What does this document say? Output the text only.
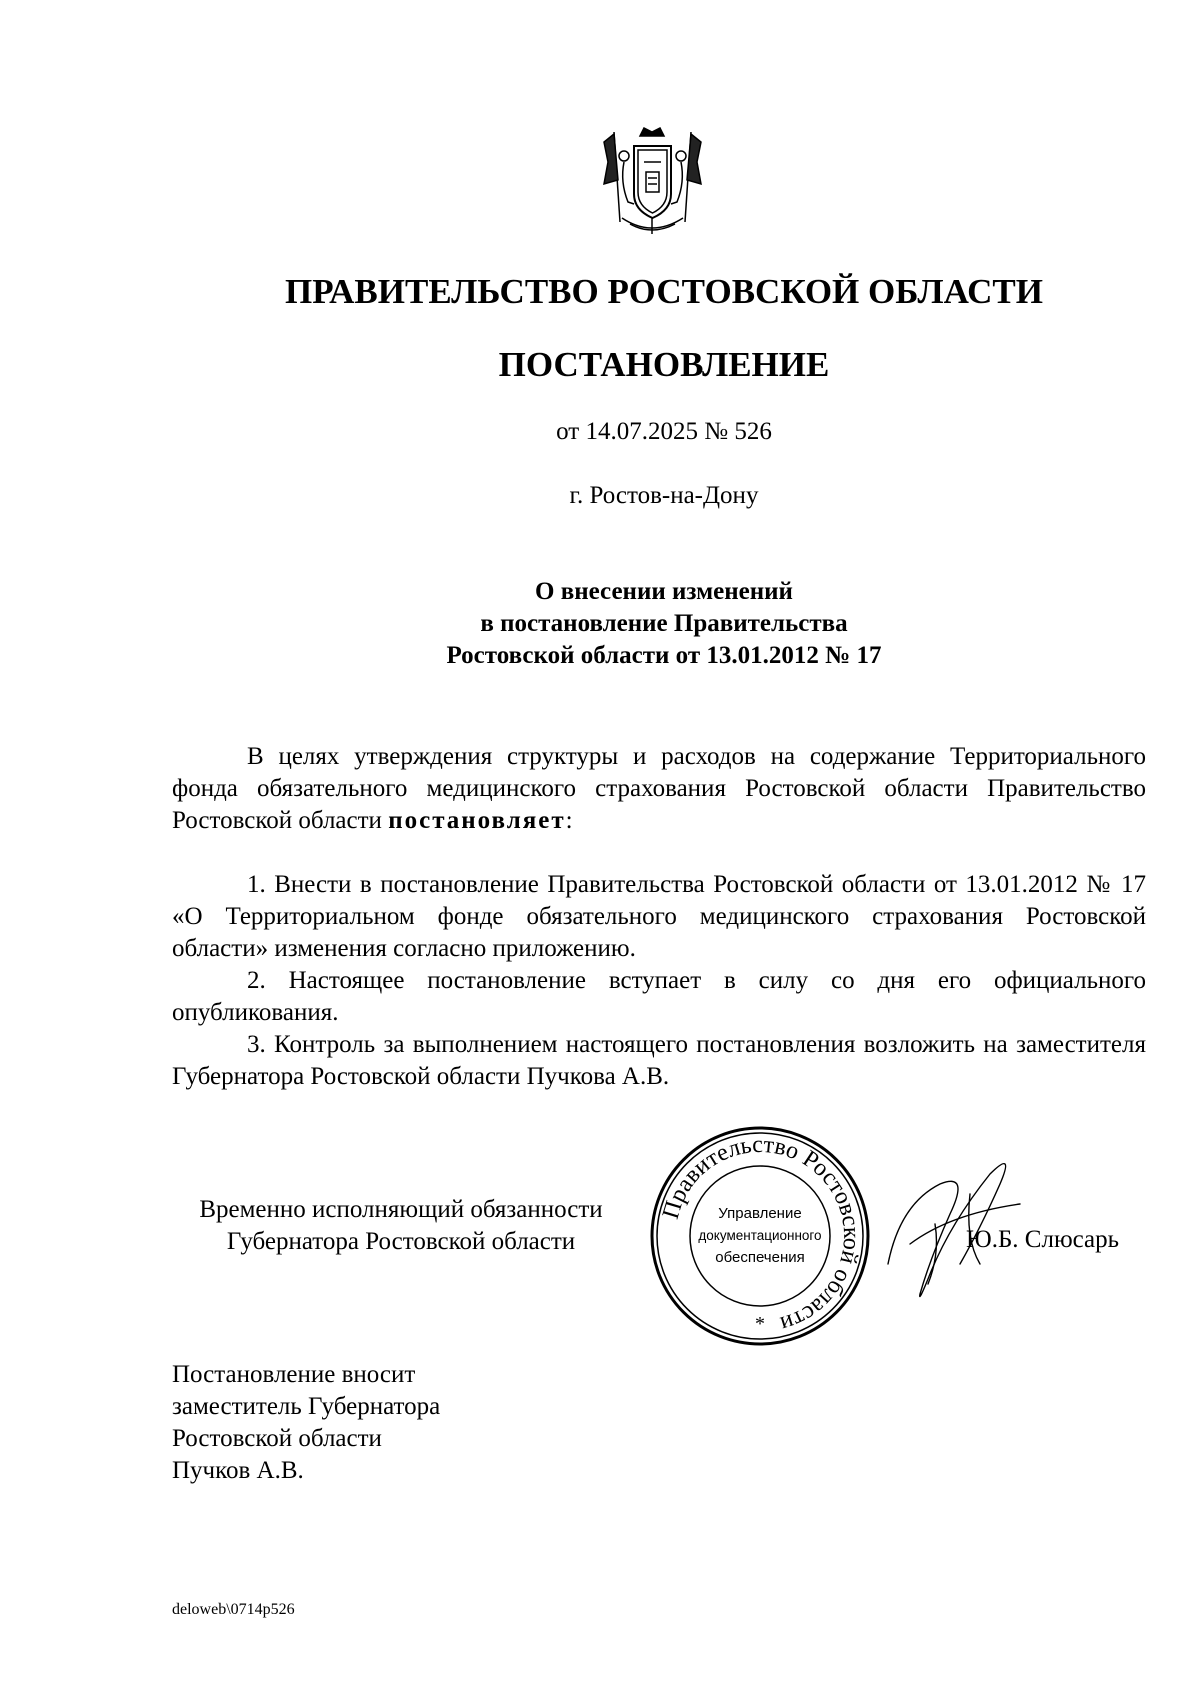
ПРАВИТЕЛЬСТВО РОСТОВСКОЙ ОБЛАСТИ
ПОСТАНОВЛЕНИЕ
от 14.07.2025 № 526
г. Ростов-на-Дону
О внесении изменений
в постановление Правительства
Ростовской области от 13.01.2012 № 17
В целях утверждения структуры и расходов на содержание Территориального фонда обязательного медицинского страхования Ростовской области Правительство Ростовской области постановляет:
1. Внести в постановление Правительства Ростовской области от 13.01.2012 № 17 «О Территориальном фонде обязательного медицинского страхования Ростовской области» изменения согласно приложению.
2. Настоящее постановление вступает в силу со дня его официального опубликования.
3. Контроль за выполнением настоящего постановления возложить на заместителя Губернатора Ростовской области Пучкова А.В.
Временно исполняющий обязанности
Губернатора Ростовской области
Правительство Ростовской области
Управление
документационного
обеспечения
*
Ю.Б. Слюсарь
Постановление вносит
заместитель Губернатора
Ростовской области
Пучков А.В.
deloweb\0714p526
